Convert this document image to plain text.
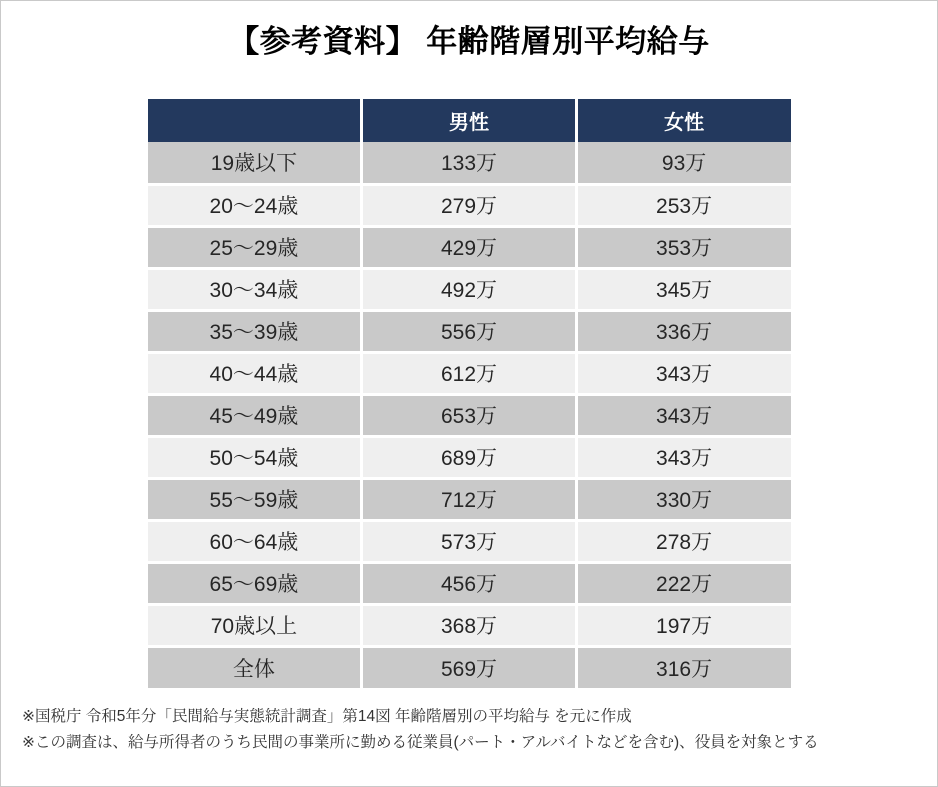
【参考資料】 年齢階層別平均給与
	男性	女性
19歳以下	133万	93万
20〜24歳	279万	253万
25〜29歳	429万	353万
30〜34歳	492万	345万
35〜39歳	556万	336万
40〜44歳	612万	343万
45〜49歳	653万	343万
50〜54歳	689万	343万
55〜59歳	712万	330万
60〜64歳	573万	278万
65〜69歳	456万	222万
70歳以上	368万	197万
全体	569万	316万

※国税庁 令和5年分「民間給与実態統計調査」第14図 年齢階層別の平均給与 を元に作成

※この調査は、給与所得者のうち民間の事業所に勤める従業員(パート・アルバイトなどを含む)、役員を対象とする
